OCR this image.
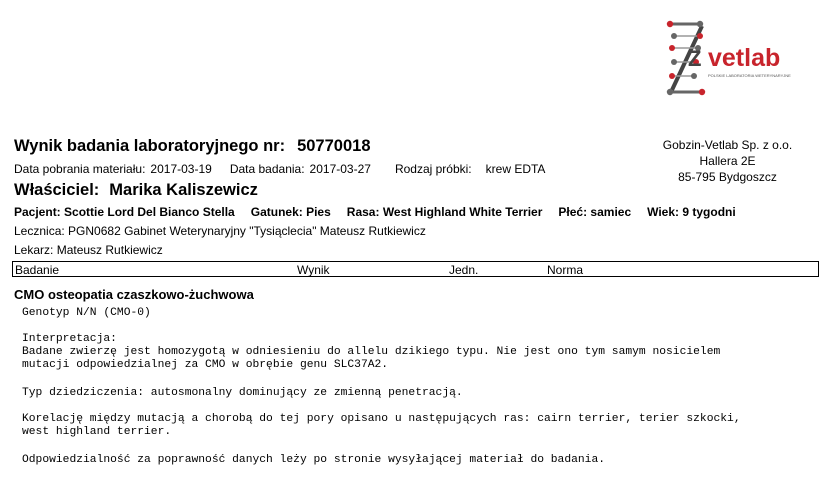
Z vetlab
POLSKIE LABORATORIA WETERYNARYJNE
Wynik badania laboratoryjnego nr: 50770018	Gobzin-Vetlab Sp. z o.o.
Hallera 2E
85-795 Bydgoszcz
Data pobrania materiału: 2017-03-19 Data badania: 2017-03-27 Rodzaj próbki: krew EDTA
Właściciel: Marika Kaliszewicz
Pacjent: Scottie Lord Del Bianco Stella Gatunek: Pies Rasa: West Highland White Terrier Płeć: samiec Wiek: 9 tygodni
Lecznica: PGN0682 Gabinet Weterynaryjny "Tysiąclecia" Mateusz Rutkiewicz
Lekarz: Mateusz Rutkiewicz
Badanie	Wynik	Jedn.	Norma
CMO osteopatia czaszkowo-żuchwowa
Genotyp N/N (CMO-0)
Interpretacja:
Badane zwierzę jest homozygotą w odniesieniu do allelu dzikiego typu. Nie jest ono tym samym nosicielem
mutacji odpowiedzialnej za CMO w obrębie genu SLC37A2.
Typ dziedziczenia: autosmonalny dominujący ze zmienną penetracją.
Korelację między mutacją a chorobą do tej pory opisano u następujących ras: cairn terrier, terier szkocki,
west highland terrier.
Odpowiedzialność za poprawność danych leży po stronie wysyłającej materiał do badania.
